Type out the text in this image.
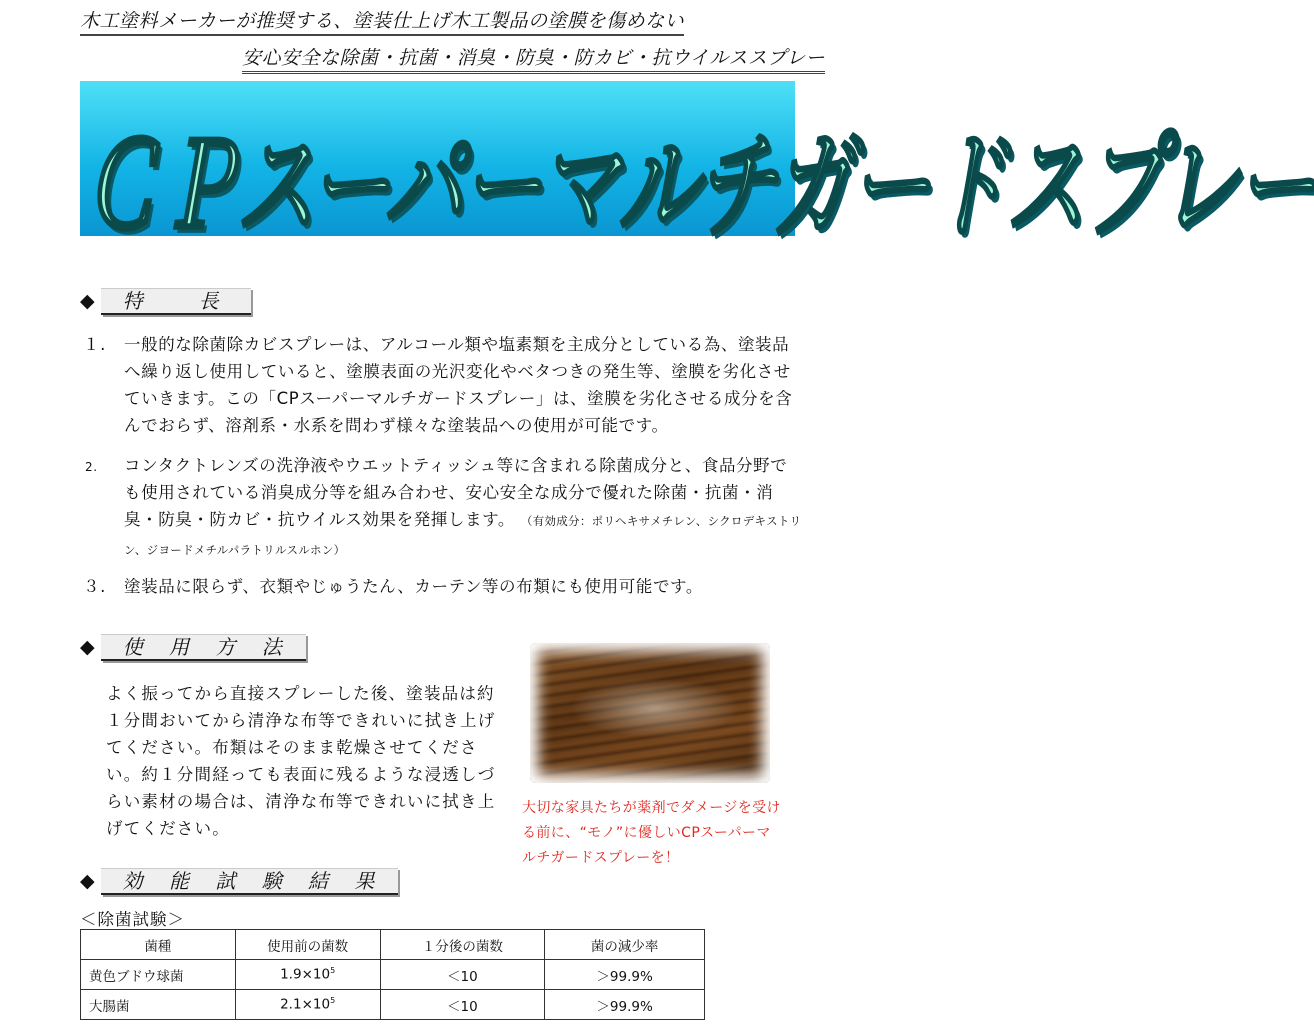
木工塗料メーカーが推奨する、塗装仕上げ木工製品の塗膜を傷めない
安心安全な除菌・抗菌・消臭・防臭・防カビ・抗ウイルススプレー
ＣＰスーパーマルチガードスプレー
◆	特　長
１. 一般的な除菌除カビスプレーは、アルコール類や塩素類を主成分としている為、塗装品へ繰り返し使用していると、塗膜表面の光沢変化やベタつきの発生等、塗膜を劣化させていきます。この「CPスーパーマルチガードスプレー」は、塗膜を劣化させる成分を含んでおらず、溶剤系・水系を問わず様々な塗装品への使用が可能です。
2. コンタクトレンズの洗浄液やウエットティッシュ等に含まれる除菌成分と、食品分野でも使用されている消臭成分等を組み合わせ、安心安全な成分で優れた除菌・抗菌・消臭・防臭・防カビ・抗ウイルス効果を発揮します。 （有効成分：ポリヘキサメチレン、シクロデキストリン、ジヨードメチルパラトリルスルホン）
３. 塗装品に限らず、衣類やじゅうたん、カーテン等の布類にも使用可能です。
◆	使 用 方 法
よく振ってから直接スプレーした後、塗装品は約１分間おいてから清浄な布等できれいに拭き上げてください。布類はそのまま乾燥させてください。約１分間経っても表面に残るような浸透しづらい素材の場合は、清浄な布等できれいに拭き上げてください。
大切な家具たちが薬剤でダメージを受ける前に、“モノ”に優しいCPスーパーマルチガードスプレーを！
◆	効 能 試 験 結 果
＜除菌試験＞
菌種	使用前の菌数	１分後の菌数	菌の減少率
黄色ブドウ球菌	$1.9\times 10^5$	＜10	＞99.9%
大腸菌	$2.1\times 10^5$	＜10	＞99.9%
